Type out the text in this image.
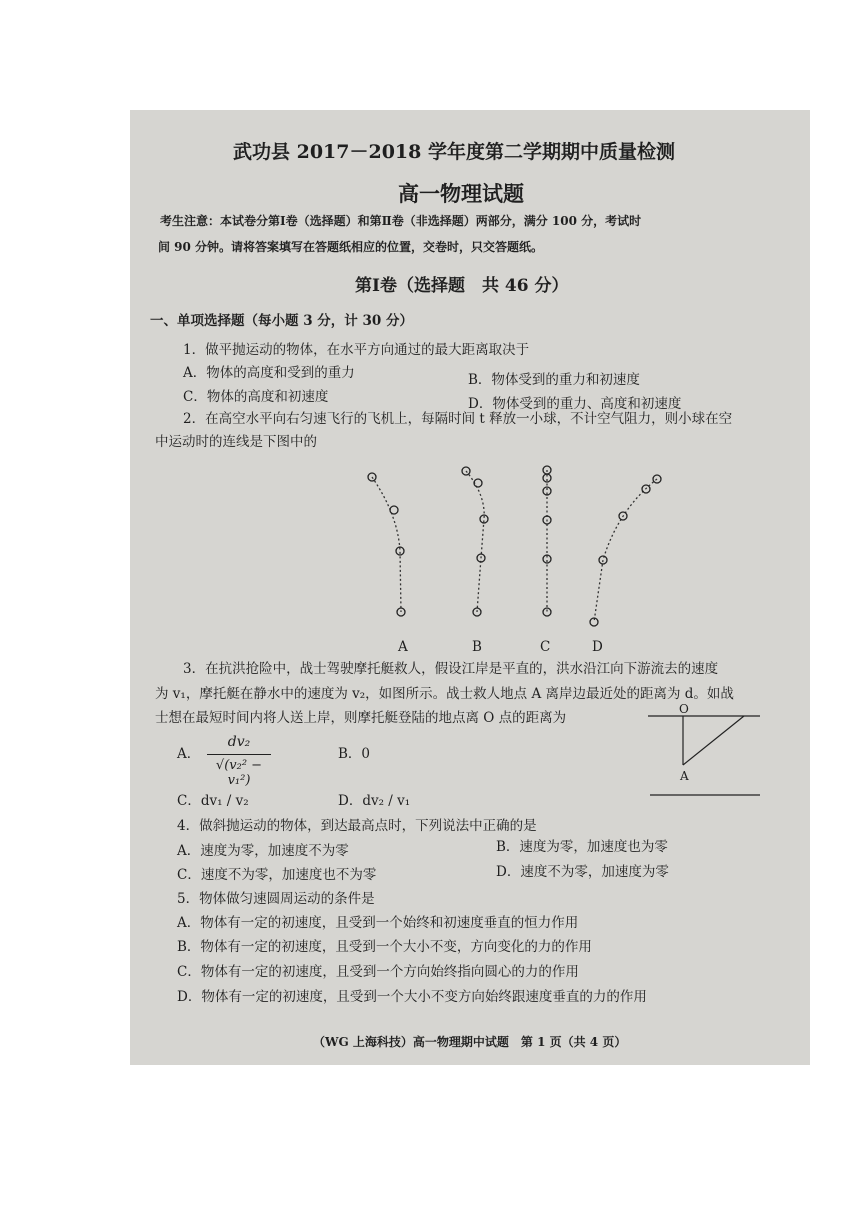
武功县 2017－2018 学年度第二学期期中质量检测
高一物理试题
考生注意：本试卷分第Ⅰ卷（选择题）和第Ⅱ卷（非选择题）两部分，满分 100 分，考试时
间 90 分钟。请将答案填写在答题纸相应的位置，交卷时，只交答题纸。
第Ⅰ卷（选择题　共 46 分）
一、单项选择题（每小题 3 分，计 30 分）
1．做平抛运动的物体，在水平方向通过的最大距离取决于
A．物体的高度和受到的重力	B．物体受到的重力和初速度
C．物体的高度和初速度	D．物体受到的重力、高度和初速度
2．在高空水平向右匀速飞行的飞机上，每隔时间 t 释放一小球，不计空气阻力，则小球在空
中运动时的连线是下图中的
A	B	C	D
3．在抗洪抢险中，战士驾驶摩托艇救人，假设江岸是平直的，洪水沿江向下游流去的速度
为 v₁，摩托艇在静水中的速度为 v₂，如图所示。战士救人地点 A 离岸边最近处的距离为 d。如战
士想在最短时间内将人送上岸，则摩托艇登陆的地点离 O 点的距离为
O
A
A．
dv₂
√(v₂² − v₁²)
B．0
C．dv₁ / v₂	D．dv₂ / v₁
4．做斜抛运动的物体，到达最高点时，下列说法中正确的是
A．速度为零，加速度不为零	B．速度为零，加速度也为零
C．速度不为零，加速度也不为零	D．速度不为零，加速度为零
5．物体做匀速圆周运动的条件是
A．物体有一定的初速度，且受到一个始终和初速度垂直的恒力作用
B．物体有一定的初速度，且受到一个大小不变，方向变化的力的作用
C．物体有一定的初速度，且受到一个方向始终指向圆心的力的作用
D．物体有一定的初速度，且受到一个大小不变方向始终跟速度垂直的力的作用
（WG 上海科技）高一物理期中试题　第 1 页（共 4 页）
